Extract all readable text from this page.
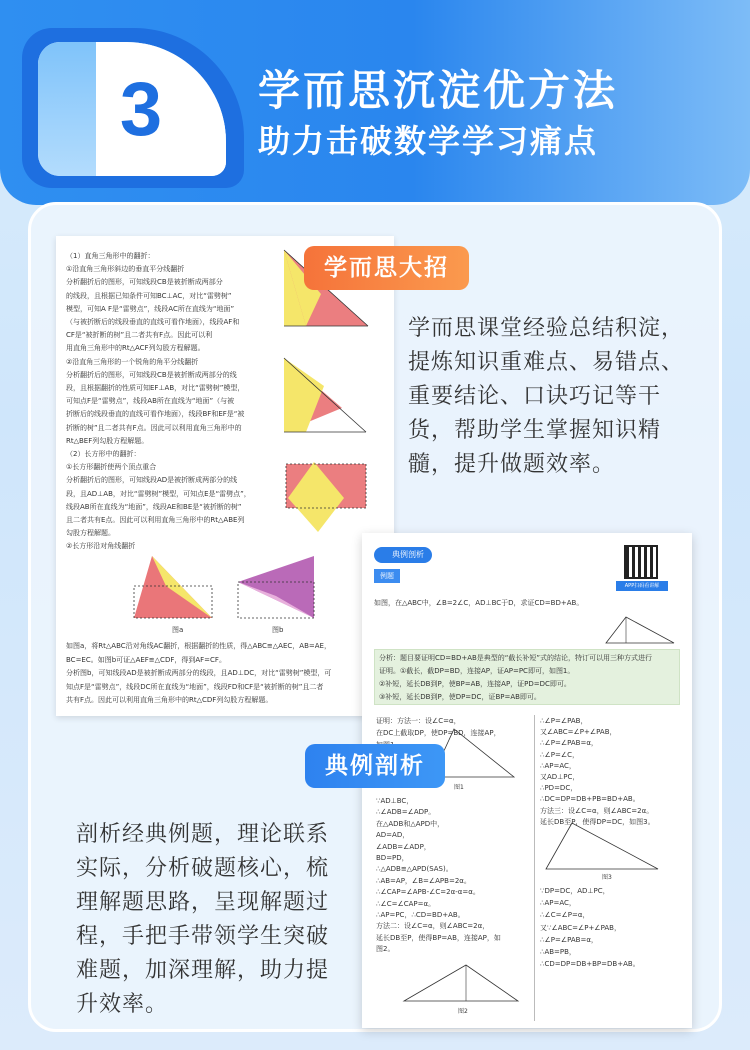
3	学而思沉淀优方法
助力击破数学学习痛点
（1）直角三角形中的翻折：
①沿直角三角形斜边的垂直平分线翻折
分析翻折后的图形，可知线段CB是被折断成两部分
的线段，且根据已知条件可知BC⊥AC，对比“雷劈树”
模型，可知A F是“雷劈点”，线段AC所在直线为“地面”
（与被折断后的线段垂直的直线可看作地面），线段AF和
CF是“被折断的树”且二者共有F点。因此可以利
用直角三角形中的Rt△ACF列勾股方程解题。
②沿直角三角形的一个锐角的角平分线翻折
分析翻折后的图形，可知线段CB是被折断成两部分的线
段，且根据翻折的性质可知EF⊥AB，对比“雷劈树”模型，
可知点F是“雷劈点”，线段AB所在直线为“地面”（与被
折断后的线段垂直的直线可看作地面），线段BF和EF是“被
折断的树”且二者共有F点。因此可以利用直角三角形中的
Rt△BEF列勾股方程解题。
（2）长方形中的翻折：
①长方形翻折使两个顶点重合
分析翻折后的图形，可知线段AD是被折断成两部分的线
段，且AD⊥AB，对比“雷劈树”模型，可知点E是“雷劈点”，
线段AB所在直线为“地面”，线段AE和BE是“被折断的树”
且二者共有E点。因此可以利用直角三角形中的Rt△ABE列
勾股方程解题。
②长方形沿对角线翻折
如图a，将Rt△ABC沿对角线AC翻折，根据翻折的性质，得△ABC≌△AEC，AB=AE，
BC=EC。如图b可证△AEF≌△CDF，得到AF=CF。
分析图b，可知线段AD是被折断成两部分的线段，且AD⊥DC，对比“雷劈树”模型，可
知点F是“雷劈点”，线段DC所在直线为“地面”，线段FD和CF是“被折断的树”且二者
共有F点。因此可以利用直角三角形中的Rt△CDF列勾股方程解题。
图a	图b
学而思大招
学而思课堂经验总结积淀，提炼知识重难点、易错点、重要结论、口诀巧记等干货，帮助学生掌握知识精髓，提升做题效率。
典例剖析
例题
APP扫码看讲解
如图，在△ABC中，∠B=2∠C，AD⊥BC于D，求证CD=BD+AB。
图1
图3
图2
分析：题目要证明CD=BD+AB是典型的“截长补短”式的结论，特订可以用三种方式进行
证明。①截长，截DP=BD，连接AP，证AP=PC即可，如图1。
②补短，延长DB到P，使BP=AB，连接AP，证PD=DC即可。
③补短，延长DB到P，使DP=DC，证BP=AB即可。
证明：方法一：设∠C=α，
在DC上截取DP，使DP=BD，连接AP，
∵AD⊥BC，
∴∠ADB=∠ADP。
在△ADB和△APD中，
AD=AD，
∠ADB=∠ADP，
BD=PD，
∴△ADB≌△APD(SAS)。
∴AB=AP，∠B=∠APB=2α。
∴∠CAP=∠APB-∠C=2α-α=α。
∴∠C=∠CAP=α。
∴AP=PC，∴CD=BD+AB。
方法二：设∠C=α，则∠ABC=2α，
延长DB至P，使得BP=AB，连接AP，如
图2。
∴∠P=∠PAB，
又∠ABC=∠P+∠PAB，
∴∠P=∠PAB=α，
∴∠P=∠C，
∴AP=AC，
又AD⊥PC，
∴PD=DC，
∴DC=DP=DB+PB=BD+AB。
方法三：设∠C=α，则∠ABC=2α。
延长DB至P，使得DP=DC，如图3。
∵DP=DC，AD⊥PC，
∴AP=AC，
∴∠C=∠P=α，
又∵∠ABC=∠P+∠PAB，
∴∠P=∠PAB=α，
∴AB=PB，
∴CD=DP=DB+BP=DB+AB。
典例剖析
剖析经典例题，理论联系实际，分析破题核心，梳理解题思路，呈现解题过程，手把手带领学生突破难题，加深理解，助力提升效率。
